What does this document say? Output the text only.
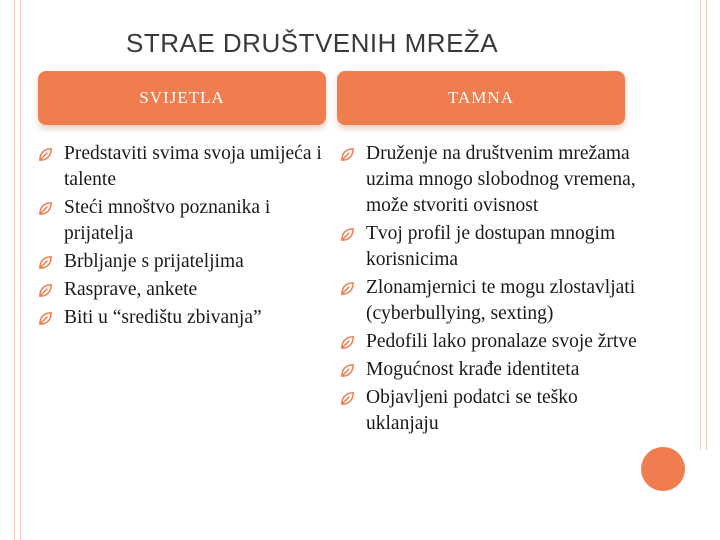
STRAE DRUŠTVENIH MREŽA
SVIJETLA	TAMNA
Predstaviti svima svoja umijeća i talente
Steći mnoštvo poznanika i prijatelja
Brbljanje s prijateljima
Rasprave, ankete
Biti u “središtu zbivanja”
Druženje na društvenim mrežama uzima mnogo slobodnog vremena, može stvoriti ovisnost
Tvoj profil je dostupan mnogim korisnicima
Zlonamjernici te mogu zlostavljati (cyberbullying, sexting)
Pedofili lako pronalaze svoje žrtve
Mogućnost krađe identiteta
Objavljeni podatci se teško uklanjaju
